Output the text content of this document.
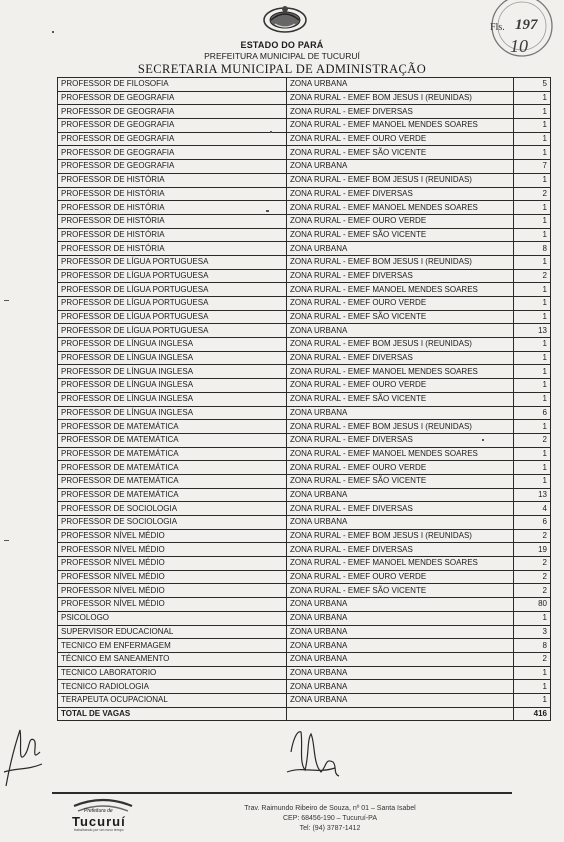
ESTADO DO PARÁ
PREFEITURA MUNICIPAL DE TUCURUÍ
SECRETARIA MUNICIPAL DE ADMINISTRAÇÃO
Fls. 197
10
PROFESSOR DE FILOSOFIA	ZONA URBANA	5
PROFESSOR DE GEOGRAFIA	ZONA RURAL - EMEF BOM JESUS I (REUNIDAS)	1
PROFESSOR DE GEOGRAFIA	ZONA RURAL - EMEF DIVERSAS	1
PROFESSOR DE GEOGRAFIA	ZONA RURAL - EMEF MANOEL MENDES SOARES	1
PROFESSOR DE GEOGRAFIA	ZONA RURAL - EMEF OURO VERDE	1
PROFESSOR DE GEOGRAFIA	ZONA RURAL - EMEF SÃO VICENTE	1
PROFESSOR DE GEOGRAFIA	ZONA URBANA	7
PROFESSOR DE HISTÓRIA	ZONA RURAL - EMEF BOM JESUS I (REUNIDAS)	1
PROFESSOR DE HISTÓRIA	ZONA RURAL - EMEF DIVERSAS	2
PROFESSOR DE HISTÓRIA	ZONA RURAL - EMEF MANOEL MENDES SOARES	1
PROFESSOR DE HISTÓRIA	ZONA RURAL - EMEF OURO VERDE	1
PROFESSOR DE HISTÓRIA	ZONA RURAL - EMEF SÃO VICENTE	1
PROFESSOR DE HISTÓRIA	ZONA URBANA	8
PROFESSOR DE LÍGUA PORTUGUESA	ZONA RURAL - EMEF BOM JESUS I (REUNIDAS)	1
PROFESSOR DE LÍGUA PORTUGUESA	ZONA RURAL - EMEF DIVERSAS	2
PROFESSOR DE LÍGUA PORTUGUESA	ZONA RURAL - EMEF MANOEL MENDES SOARES	1
PROFESSOR DE LÍGUA PORTUGUESA	ZONA RURAL - EMEF OURO VERDE	1
PROFESSOR DE LÍGUA PORTUGUESA	ZONA RURAL - EMEF SÃO VICENTE	1
PROFESSOR DE LÍGUA PORTUGUESA	ZONA URBANA	13
PROFESSOR DE LÍNGUA INGLESA	ZONA RURAL - EMEF BOM JESUS I (REUNIDAS)	1
PROFESSOR DE LÍNGUA INGLESA	ZONA RURAL - EMEF DIVERSAS	1
PROFESSOR DE LÍNGUA INGLESA	ZONA RURAL - EMEF MANOEL MENDES SOARES	1
PROFESSOR DE LÍNGUA INGLESA	ZONA RURAL - EMEF OURO VERDE	1
PROFESSOR DE LÍNGUA INGLESA	ZONA RURAL - EMEF SÃO VICENTE	1
PROFESSOR DE LÍNGUA INGLESA	ZONA URBANA	6
PROFESSOR DE MATEMÁTICA	ZONA RURAL - EMEF BOM JESUS I (REUNIDAS)	1
PROFESSOR DE MATEMÁTICA	ZONA RURAL - EMEF DIVERSAS	2
PROFESSOR DE MATEMÁTICA	ZONA RURAL - EMEF MANOEL MENDES SOARES	1
PROFESSOR DE MATEMÁTICA	ZONA RURAL - EMEF OURO VERDE	1
PROFESSOR DE MATEMÁTICA	ZONA RURAL - EMEF SÃO VICENTE	1
PROFESSOR DE MATEMÁTICA	ZONA URBANA	13
PROFESSOR DE SOCIOLOGIA	ZONA RURAL - EMEF DIVERSAS	4
PROFESSOR DE SOCIOLOGIA	ZONA URBANA	6
PROFESSOR NÍVEL MÉDIO	ZONA RURAL - EMEF BOM JESUS I (REUNIDAS)	2
PROFESSOR NÍVEL MÉDIO	ZONA RURAL - EMEF DIVERSAS	19
PROFESSOR NÍVEL MÉDIO	ZONA RURAL - EMEF MANOEL MENDES SOARES	2
PROFESSOR NÍVEL MÉDIO	ZONA RURAL - EMEF OURO VERDE	2
PROFESSOR NÍVEL MÉDIO	ZONA RURAL - EMEF SÃO VICENTE	2
PROFESSOR NÍVEL MÉDIO	ZONA URBANA	80
PSICOLOGO	ZONA URBANA	1
SUPERVISOR EDUCACIONAL	ZONA URBANA	3
TECNICO EM ENFERMAGEM	ZONA URBANA	8
TÉCNICO EM SANEAMENTO	ZONA URBANA	2
TECNICO LABORATORIO	ZONA URBANA	1
TECNICO RADIOLOGIA	ZONA URBANA	1
TERAPEUTA OCUPACIONAL	ZONA URBANA	1
TOTAL DE VAGAS		416
Prefeitura de
Tucuruí
trabalhando por um novo tempo
Trav. Raimundo Ribeiro de Souza, nº 01 – Santa Isabel
CEP: 68456-190 – Tucuruí-PA
Tel: (94) 3787-1412
